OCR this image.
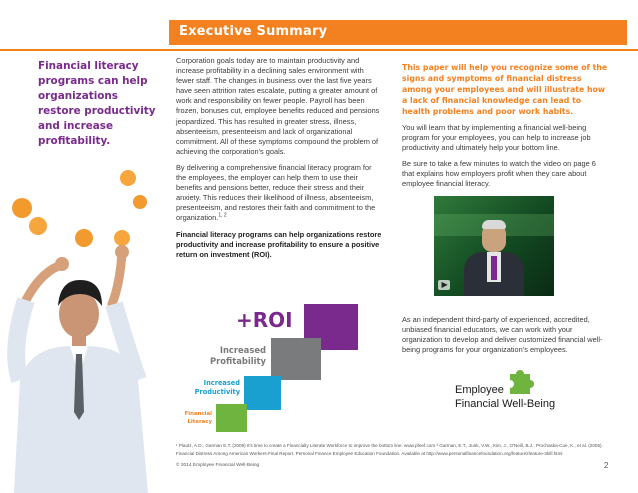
Executive Summary
Financial literacy programs can help organizations restore productivity and increase profitability.

Corporation goals today are to maintain productivity and increase profitability in a declining sales environment with fewer staff. The changes in business over the last five years have seen attrition rates escalate, putting a greater amount of work and responsibility on fewer people. Payroll has been frozen, bonuses cut, employee benefits reduced and pensions jeopardized. This has resulted in greater stress, illness, absenteeism, presenteeism and lack of organizational commitment. All of these symptoms compound the problem of achieving the corporation's goals.

By delivering a comprehensive financial literacy program for the employees, the employer can help them to use their benefits and pensions better, reduce their stress and their anxiety. This reduces their likelihood of illness, absenteeism, presenteeism, and restores their faith and commitment to the organization.$^{1, 2}$

Financial literacy programs can help organizations restore productivity and increase profitability to ensure a positive return on investment (ROI).

This paper will help you recognize some of the signs and symptoms of financial distress among your employees and will illustrate how a lack of financial knowledge can lead to health problems and poor work habits.

You will learn that by implementing a financial well-being program for your employees, you can help to increase job productivity and ultimately help your bottom line.

Be sure to take a few minutes to watch the video on page 6 that explains how employers profit when they care about employee financial literacy.

▶
As an independent third-party of experienced, accredited, unbiased financial educators, we can work with your organization to develop and deliver customized financial well-being programs for your organization's employees.
Employee
Financial Well-Being
+ROI
Increased Profitability
Increased Productivity
Financial Literacy
¹ Plautz, A.D., Garman E.T. (2009) It's time to create a Financially Literate Workforce to improve the bottom line. www.pfeef.com ² Garman, E.T., Junk, V.W., Kim, J., O'Neill, B.J., Prochaska-Cue, K., et al. (2005). Financial Distress Among American Workers-Final Report. Personal Finance Employee Education Foundation. Available at http://www.personalfinancefoundation.org/featurezfeature-3bill.html
© 2014 Employee Financial Well-Being	2
